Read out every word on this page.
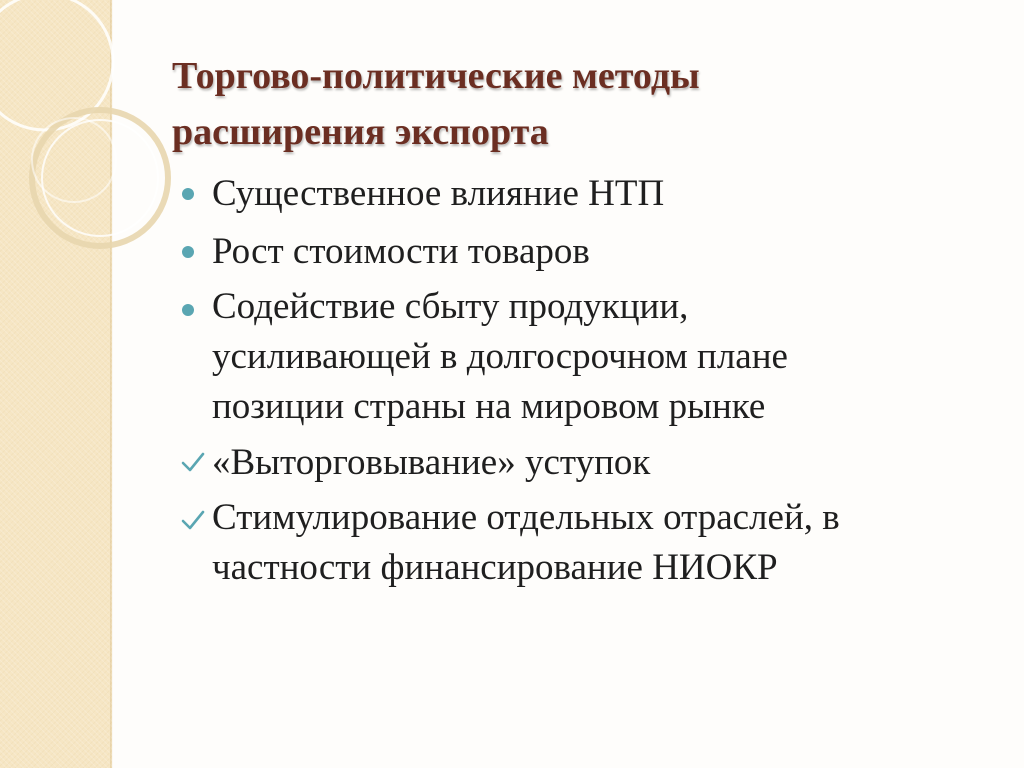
Торгово-политические методы
расширения экспорта
Существенное влияние НТП
Рост стоимости товаров
Содействие сбыту продукции,
усиливающей в долгосрочном плане
позиции страны на мировом рынке
«Выторговывание» уступок
Стимулирование отдельных отраслей, в
частности финансирование НИОКР
